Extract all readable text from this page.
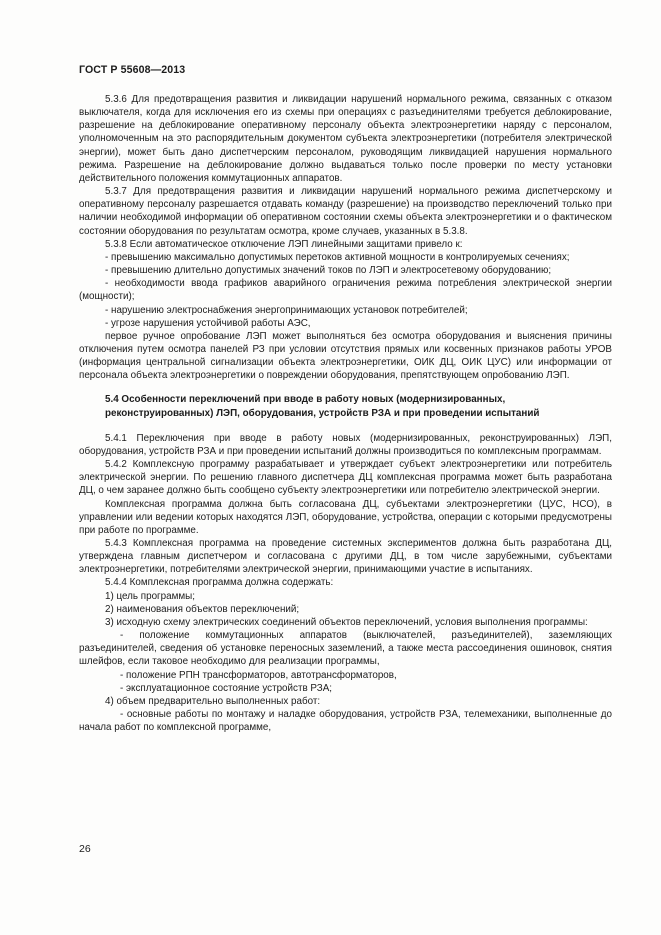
ГОСТ Р 55608—2013

5.3.6 Для предотвращения развития и ликвидации нарушений нормального режима, связанных с отказом выключателя, когда для исключения его из схемы при операциях с разъединителями требуется деблокирование, разрешение на деблокирование оперативному персоналу объекта электроэнергетики наряду с персоналом, уполномоченным на это распорядительным документом субъекта электроэнергетики (потребителя электрической энергии), может быть дано диспетчерским персоналом, руководящим ликвидацией нарушения нормального режима. Разрешение на деблокирование должно выдаваться только после проверки по месту установки действительного положения коммутационных аппаратов.

5.3.7 Для предотвращения развития и ликвидации нарушений нормального режима диспетчерскому и оперативному персоналу разрешается отдавать команду (разрешение) на производство переключений только при наличии необходимой информации об оперативном состоянии схемы объекта электроэнергетики и о фактическом состоянии оборудования по результатам осмотра, кроме случаев, указанных в 5.3.8.

5.3.8 Если автоматическое отключение ЛЭП линейными защитами привело к:

- превышению максимально допустимых перетоков активной мощности в контролируемых сечениях;

- превышению длительно допустимых значений токов по ЛЭП и электросетевому оборудованию;

- необходимости ввода графиков аварийного ограничения режима потребления электрической энергии (мощности);

- нарушению электроснабжения энергопринимающих установок потребителей;

- угрозе нарушения устойчивой работы АЭС,

первое ручное опробование ЛЭП может выполняться без осмотра оборудования и выяснения причины отключения путем осмотра панелей РЗ при условии отсутствия прямых или косвенных признаков работы УРОВ (информация центральной сигнализации объекта электроэнергетики, ОИК ДЦ, ОИК ЦУС) или информации от персонала объекта электроэнергетики о повреждении оборудования, препятствующем опробованию ЛЭП.

5.4 Особенности переключений при вводе в работу новых (модернизированных, реконструированных) ЛЭП, оборудования, устройств РЗА и при проведении испытаний

5.4.1 Переключения при вводе в работу новых (модернизированных, реконструированных) ЛЭП, оборудования, устройств РЗА и при проведении испытаний должны производиться по комплексным программам.

5.4.2 Комплексную программу разрабатывает и утверждает субъект электроэнергетики или потребитель электрической энергии. По решению главного диспетчера ДЦ комплексная программа может быть разработана ДЦ, о чем заранее должно быть сообщено субъекту электроэнергетики или потребителю электрической энергии.

Комплексная программа должна быть согласована ДЦ, субъектами электроэнергетики (ЦУС, НСО), в управлении или ведении которых находятся ЛЭП, оборудование, устройства, операции с которыми предусмотрены при работе по программе.

5.4.3 Комплексная программа на проведение системных экспериментов должна быть разработана ДЦ, утверждена главным диспетчером и согласована с другими ДЦ, в том числе зарубежными, субъектами электроэнергетики, потребителями электрической энергии, принимающими участие в испытаниях.

5.4.4 Комплексная программа должна содержать:

1) цель программы;

2) наименования объектов переключений;

3) исходную схему электрических соединений объектов переключений, условия выполнения программы:

- положение коммутационных аппаратов (выключателей, разъединителей), заземляющих разъединителей, сведения об установке переносных заземлений, а также места рассоединения ошиновок, снятия шлейфов, если таковое необходимо для реализации программы,

- положение РПН трансформаторов, автотрансформаторов,

- эксплуатационное состояние устройств РЗА;

4) объем предварительно выполненных работ:

- основные работы по монтажу и наладке оборудования, устройств РЗА, телемеханики, выполненные до начала работ по комплексной программе,

26
